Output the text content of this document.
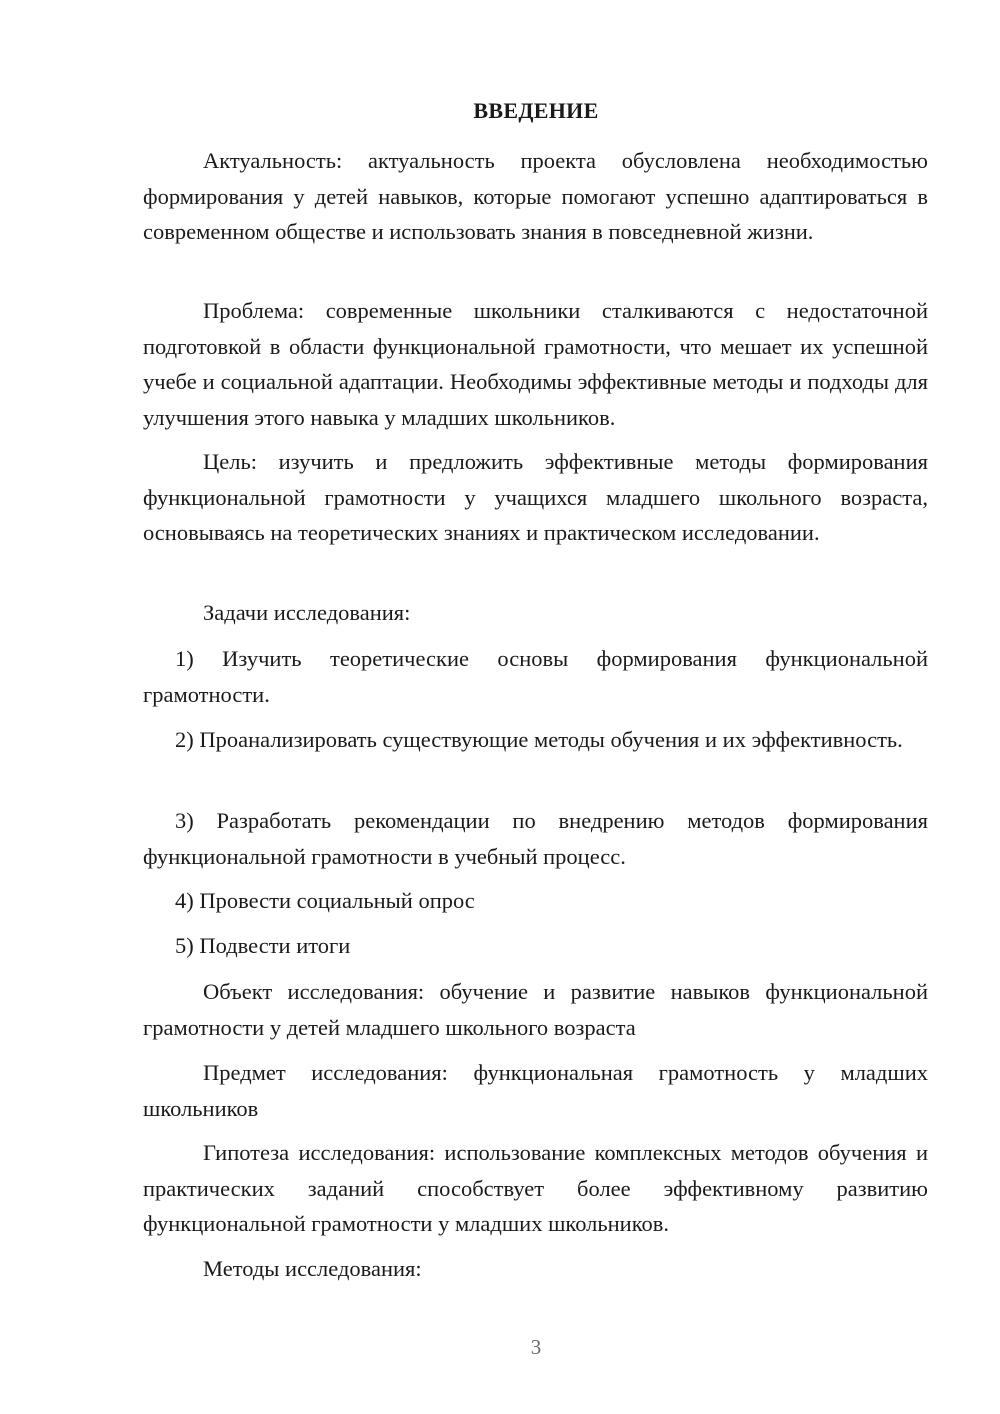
ВВЕДЕНИЕ

Актуальность: актуальность проекта обусловлена необходимостью формирования у детей навыков, которые помогают успешно адаптироваться в современном обществе и использовать знания в повседневной жизни.

Проблема: современные школьники сталкиваются с недостаточной подготовкой в области функциональной грамотности, что мешает их успешной учебе и социальной адаптации. Необходимы эффективные методы и подходы для улучшения этого навыка у младших школьников.

Цель: изучить и предложить эффективные методы формирования функциональной грамотности у учащихся младшего школьного возраста, основываясь на теоретических знаниях и практическом исследовании.

Задачи исследования:

1) Изучить теоретические основы формирования функциональной грамотности.

2) Проанализировать существующие методы обучения и их эффективность.

3) Разработать рекомендации по внедрению методов формирования функциональной грамотности в учебный процесс.

4) Провести социальный опрос

5) Подвести итоги

Объект исследования: обучение и развитие навыков функциональной грамотности у детей младшего школьного возраста

Предмет исследования: функциональная грамотность у младших школьников

Гипотеза исследования: использование комплексных методов обучения и практических заданий способствует более эффективному развитию функциональной грамотности у младших школьников.

Методы исследования:

3
